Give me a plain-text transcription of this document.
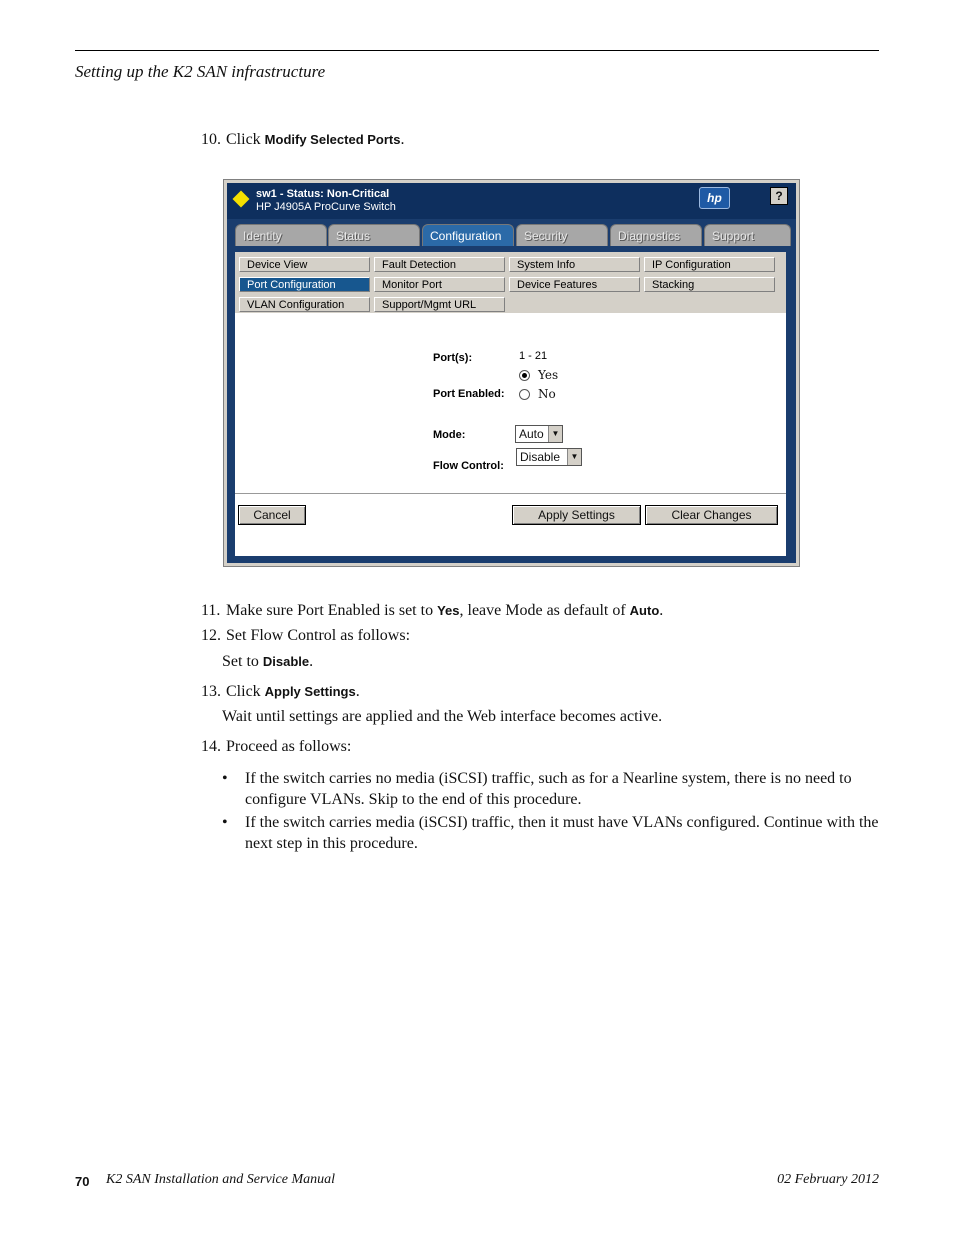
Setting up the K2 SAN infrastructure
10. Click Modify Selected Ports.
sw1 - Status: Non-Critical
HP J4905A ProCurve Switch
hp	?
Identity	Status	Configuration	Security	Diagnostics	Support
Device View	Fault Detection	System Info	IP Configuration
Port Configuration	Monitor Port	Device Features	Stacking
VLAN Configuration	Support/Mgmt URL
Port(s):	1 - 21
Yes
Port Enabled:	No
Mode:	Auto ▼
Flow Control:
Disable	▼
Cancel	Apply Settings	Clear Changes
11. Make sure Port Enabled is set to Yes, leave Mode as default of Auto.
12. Set Flow Control as follows:
Set to Disable.
13. Click Apply Settings.
Wait until settings are applied and the Web interface becomes active.
14. Proceed as follows:
• If the switch carries no media (iSCSI) traffic, such as for a Nearline system, there is no need to configure VLANs. Skip to the end of this procedure.
• If the switch carries media (iSCSI) traffic, then it must have VLANs configured. Continue with the next step in this procedure.
70 K2 SAN Installation and Service Manual	02 February 2012
